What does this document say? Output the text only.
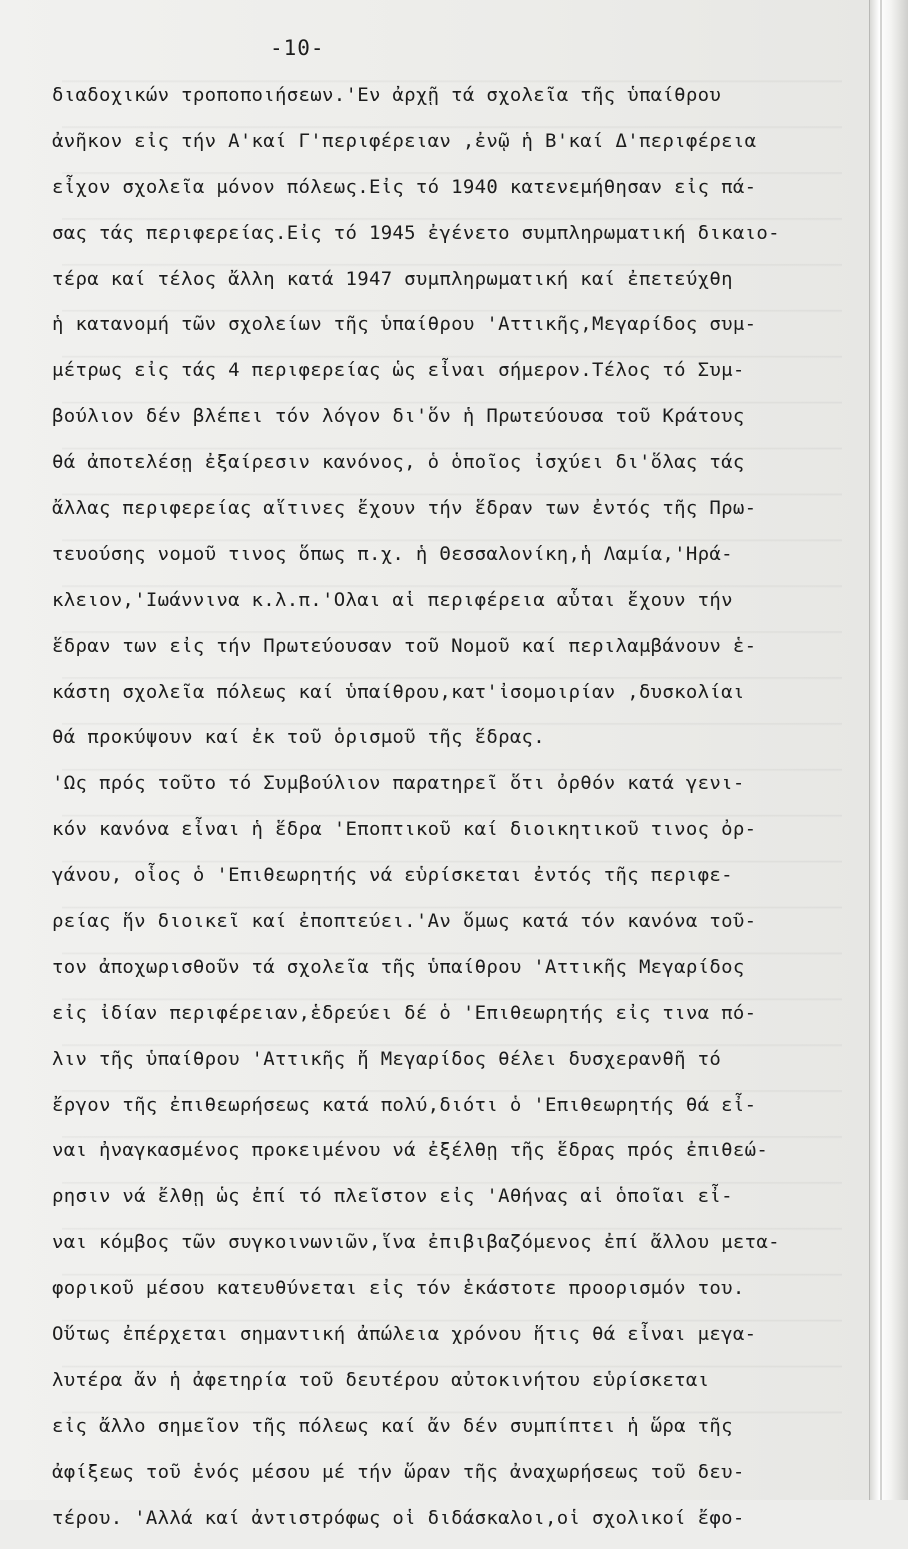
-10-
διαδοχικών τροποποιήσεων.'Εν ἀρχῇ τά σχολεῖα τῆς ὑπαίθρου
ἀνῆκον εἰς τήν Α'καί Γ'περιφέρειαν ,ἐνῷ ἡ Β'καί Δ'περιφέρεια
εἶχον σχολεῖα μόνον πόλεως.Εἰς τό 1940 κατενεμήθησαν εἰς πά-
σας τάς περιφερείας.Εἰς τό 1945 ἐγένετο συμπληρωματική δικαιο-
τέρα καί τέλος ἄλλη κατά 1947 συμπληρωματική καί ἐπετεύχθη
ἡ κατανομή τῶν σχολείων τῆς ὑπαίθρου 'Αττικῆς,Μεγαρίδος συμ-
μέτρως εἰς τάς 4 περιφερείας ὡς εἶναι σήμερον.Τέλος τό Συμ-
βούλιον δέν βλέπει τόν λόγον δι'ὅν ἡ Πρωτεύουσα τοῦ Κράτους
θά ἀποτελέσῃ ἐξαίρεσιν κανόνος, ὁ ὁποῖος ἰσχύει δι'ὅλας τάς
ἄλλας περιφερείας αἵτινες ἔχουν τήν ἕδραν των ἐντός τῆς Πρω-
τευούσης νομοῦ τινος ὅπως π.χ. ἡ Θεσσαλονίκη,ἡ Λαμία,'Ηρά-
κλειον,'Ιωάννινα κ.λ.π.'Ολαι αἱ περιφέρεια αὗται ἔχουν τήν
ἕδραν των εἰς τήν Πρωτεύουσαν τοῦ Νομοῦ καί περιλαμβάνουν ἑ-
κάστη σχολεῖα πόλεως καί ὑπαίθρου,κατ'ἰσομοιρίαν ,δυσκολίαι
θά προκύψουν καί ἐκ τοῦ ὁρισμοῦ τῆς ἕδρας.
'Ως πρός τοῦτο τό Συμβούλιον παρατηρεῖ ὅτι ὀρθόν κατά γενι-
κόν κανόνα εἶναι ἡ ἕδρα 'Εποπτικοῦ καί διοικητικοῦ τινος ὀρ-
γάνου, οἷος ὁ 'Επιθεωρητής νά εὑρίσκεται ἐντός τῆς περιφε-
ρείας ἥν διοικεῖ καί ἐποπτεύει.'Αν ὅμως κατά τόν κανόνα τοῦ-
τον ἀποχωρισθοῦν τά σχολεῖα τῆς ὑπαίθρου 'Αττικῆς Μεγαρίδος
εἰς ἰδίαν περιφέρειαν,ἑδρεύει δέ ὁ 'Επιθεωρητής εἰς τινα πό-
λιν τῆς ὑπαίθρου 'Αττικῆς ἤ Μεγαρίδος θέλει δυσχερανθῆ τό
ἔργον τῆς ἐπιθεωρήσεως κατά πολύ,διότι ὁ 'Επιθεωρητής θά εἶ-
ναι ἠναγκασμένος προκειμένου νά ἐξέλθῃ τῆς ἕδρας πρός ἐπιθεώ-
ρησιν νά ἔλθῃ ὡς ἐπί τό πλεῖστον εἰς 'Αθήνας αἱ ὁποῖαι εἶ-
ναι κόμβος τῶν συγκοινωνιῶν,ἵνα ἐπιβιβαζόμενος ἐπί ἄλλου μετα-
φορικοῦ μέσου κατευθύνεται εἰς τόν ἑκάστοτε προορισμόν του.
Οὕτως ἐπέρχεται σημαντική ἀπώλεια χρόνου ἥτις θά εἶναι μεγα-
λυτέρα ἄν ἡ ἀφετηρία τοῦ δευτέρου αὐτοκινήτου εὑρίσκεται
εἰς ἄλλο σημεῖον τῆς πόλεως καί ἄν δέν συμπίπτει ἡ ὥρα τῆς
ἀφίξεως τοῦ ἑνός μέσου μέ τήν ὥραν τῆς ἀναχωρήσεως τοῦ δευ-
τέρου. 'Αλλά καί ἀντιστρόφως οἱ διδάσκαλοι,οἱ σχολικοί ἔφο-
